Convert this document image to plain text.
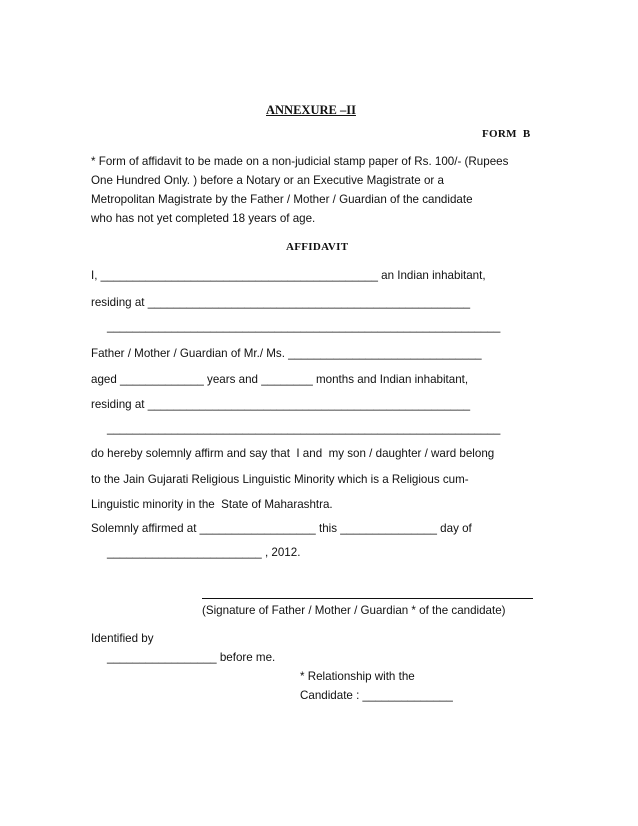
ANNEXURE –II
FORM  B
* Form of affidavit to be made on a non-judicial stamp paper of Rs. 100/- (Rupees
One Hundred Only. ) before a Notary or an Executive Magistrate or a
Metropolitan Magistrate by the Father / Mother / Guardian of the candidate
who has not yet completed 18 years of age.
AFFIDAVIT
I, ___________________________________________ an Indian inhabitant,
residing at __________________________________________________
_____________________________________________________________
Father / Mother / Guardian of Mr./ Ms. ______________________________
aged _____________ years and ________ months and Indian inhabitant,
residing at __________________________________________________
_____________________________________________________________
do hereby solemnly affirm and say that  I and  my son / daughter / ward belong
to the Jain Gujarati Religious Linguistic Minority which is a Religious cum-
Linguistic minority in the  State of Maharashtra.
Solemnly affirmed at __________________ this _______________ day of
________________________ , 2012.
(Signature of Father / Mother / Guardian * of the candidate)
Identified by
_________________ before me.
* Relationship with the
Candidate : ______________
